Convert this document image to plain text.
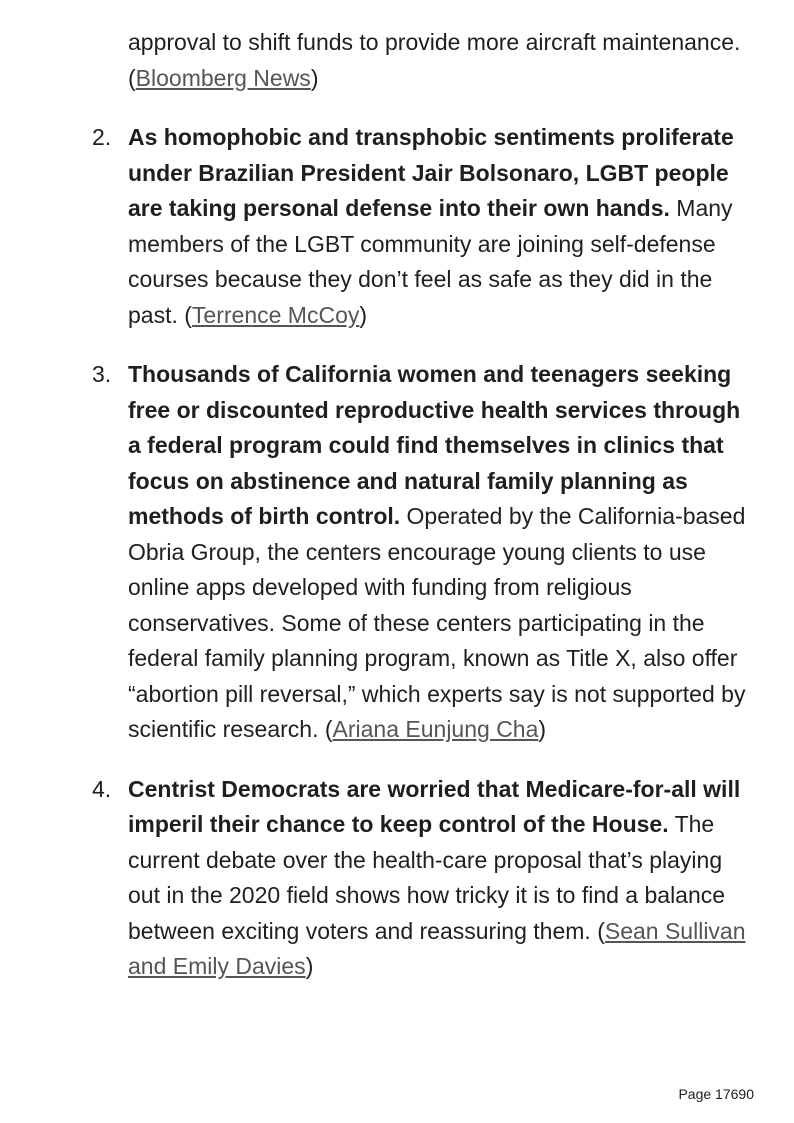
approval to shift funds to provide more aircraft maintenance. (Bloomberg News)

2. As homophobic and transphobic sentiments proliferate under Brazilian President Jair Bolsonaro, LGBT people are taking personal defense into their own hands. Many members of the LGBT community are joining self-defense courses because they don’t feel as safe as they did in the past. (Terrence McCoy)
3. Thousands of California women and teenagers seeking free or discounted reproductive health services through a federal program could find themselves in clinics that focus on abstinence and natural family planning as methods of birth control. Operated by the California-based Obria Group, the centers encourage young clients to use online apps developed with funding from religious conservatives. Some of these centers participating in the federal family planning program, known as Title X, also offer “abortion pill reversal,” which experts say is not supported by scientific research. (Ariana Eunjung Cha)
4. Centrist Democrats are worried that Medicare-for-all will imperil their chance to keep control of the House. The current debate over the health-care proposal that’s playing out in the 2020 field shows how tricky it is to find a balance between exciting voters and reassuring them. (Sean Sullivan and Emily Davies)
Page 17690
